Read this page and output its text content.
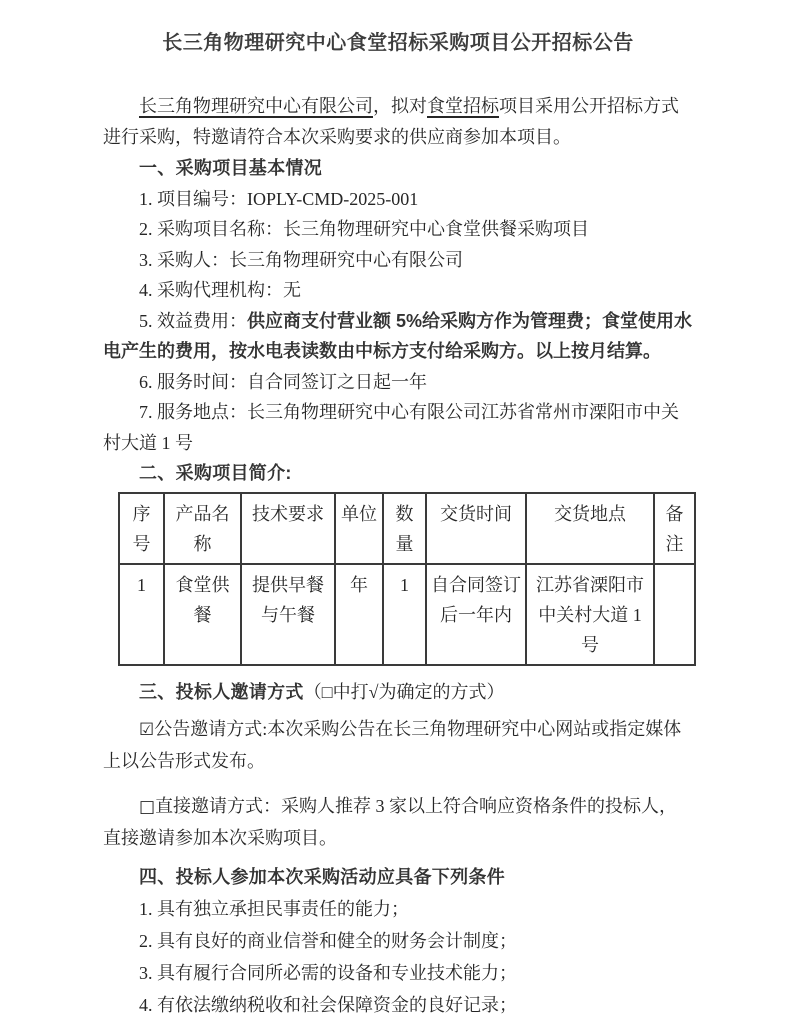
长三角物理研究中心食堂招标采购项目公开招标公告

长三角物理研究中心有限公司，拟对食堂招标项目采用公开招标方式进行采购，特邀请符合本次采购要求的供应商参加本项目。

一、采购项目基本情况

1. 项目编号：IOPLY-CMD-2025-001

2. 采购项目名称：长三角物理研究中心食堂供餐采购项目

3. 采购人：长三角物理研究中心有限公司

4. 采购代理机构：无

5. 效益费用：供应商支付营业额 5%给采购方作为管理费；食堂使用水电产生的费用，按水电表读数由中标方支付给采购方。以上按月结算。

6. 服务时间：自合同签订之日起一年

7. 服务地点：长三角物理研究中心有限公司江苏省常州市溧阳市中关村大道 1 号

二、采购项目简介:

序号	产品名称	技术要求	单位	数量	交货时间	交货地点	备注
1	食堂供餐	提供早餐与午餐	年	1	自合同签订后一年内	江苏省溧阳市中关村大道 1 号	

三、投标人邀请方式（□中打√为确定的方式）

☑公告邀请方式:本次采购公告在长三角物理研究中心网站或指定媒体上以公告形式发布。

□直接邀请方式：采购人推荐 3 家以上符合响应资格条件的投标人，直接邀请参加本次采购项目。

四、投标人参加本次采购活动应具备下列条件

1. 具有独立承担民事责任的能力；

2. 具有良好的商业信誉和健全的财务会计制度；

3. 具有履行合同所必需的设备和专业技术能力；

4. 有依法缴纳税收和社会保障资金的良好记录；
